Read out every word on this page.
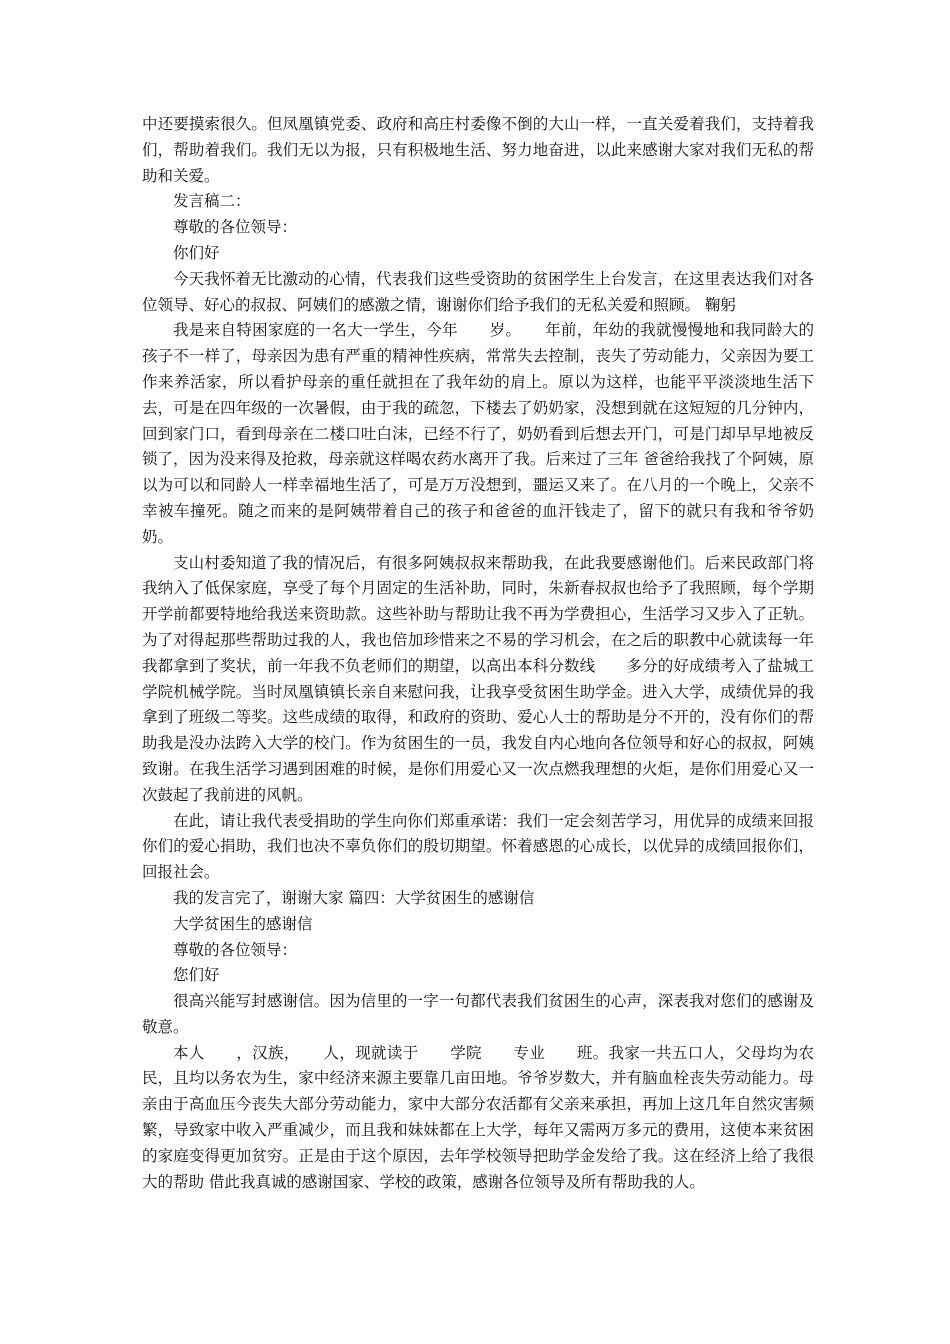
中还要摸索很久。但凤凰镇党委、政府和高庄村委像不倒的大山一样，一直关爱着我们，支持着我们，帮助着我们。我们无以为报，只有积极地生活、努力地奋进，以此来感谢大家对我们无私的帮助和关爱。

发言稿二：

尊敬的各位领导：

你们好

今天我怀着无比激动的心情，代表我们这些受资助的贫困学生上台发言，在这里表达我们对各位领导、好心的叔叔、阿姨们的感激之情，谢谢你们给予我们的无私关爱和照顾。 鞠躬

我是来自特困家庭的一名大一学生，今年　　岁。　　年前，年幼的我就慢慢地和我同龄大的孩子不一样了，母亲因为患有严重的精神性疾病，常常失去控制，丧失了劳动能力，父亲因为要工作来养活家，所以看护母亲的重任就担在了我年幼的肩上。原以为这样，也能平平淡淡地生活下去，可是在四年级的一次暑假，由于我的疏忽，下楼去了奶奶家，没想到就在这短短的几分钟内，回到家门口，看到母亲在二楼口吐白沫，已经不行了，奶奶看到后想去开门，可是门却早早地被反锁了，因为没来得及抢救，母亲就这样喝农药水离开了我。后来过了三年 爸爸给我找了个阿姨，原以为可以和同龄人一样幸福地生活了，可是万万没想到，噩运又来了。在八月的一个晚上，父亲不幸被车撞死。随之而来的是阿姨带着自己的孩子和爸爸的血汗钱走了，留下的就只有我和爷爷奶奶。

支山村委知道了我的情况后，有很多阿姨叔叔来帮助我，在此我要感谢他们。后来民政部门将我纳入了低保家庭，享受了每个月固定的生活补助，同时，朱新春叔叔也给予了我照顾，每个学期开学前都要特地给我送来资助款。这些补助与帮助让我不再为学费担心，生活学习又步入了正轨。为了对得起那些帮助过我的人，我也倍加珍惜来之不易的学习机会，在之后的职教中心就读每一年我都拿到了奖状，前一年我不负老师们的期望，以高出本科分数线　　多分的好成绩考入了盐城工学院机械学院。当时凤凰镇镇长亲自来慰问我，让我享受贫困生助学金。进入大学，成绩优异的我拿到了班级二等奖。这些成绩的取得，和政府的资助、爱心人士的帮助是分不开的，没有你们的帮助我是没办法跨入大学的校门。作为贫困生的一员，我发自内心地向各位领导和好心的叔叔，阿姨致谢。在我生活学习遇到困难的时候，是你们用爱心又一次点燃我理想的火炬，是你们用爱心又一次鼓起了我前进的风帆。

在此，请让我代表受捐助的学生向你们郑重承诺：我们一定会刻苦学习，用优异的成绩来回报你们的爱心捐助，我们也决不辜负你们的殷切期望。怀着感恩的心成长，以优异的成绩回报你们，回报社会。

我的发言完了，谢谢大家 篇四：大学贫困生的感谢信

大学贫困生的感谢信

尊敬的各位领导：

您们好

很高兴能写封感谢信。因为信里的一字一句都代表我们贫困生的心声，深表我对您们的感谢及敬意。

本人　　，汉族，　　人，现就读于　　学院　　专业　　班。我家一共五口人，父母均为农民，且均以务农为生，家中经济来源主要靠几亩田地。爷爷岁数大，并有脑血栓丧失劳动能力。母亲由于高血压今丧失大部分劳动能力，家中大部分农活都有父亲来承担，再加上这几年自然灾害频繁，导致家中收入严重减少，而且我和妹妹都在上大学，每年又需两万多元的费用，这使本来贫困的家庭变得更加贫穷。正是由于这个原因，去年学校领导把助学金发给了我。这在经济上给了我很大的帮助 借此我真诚的感谢国家、学校的政策，感谢各位领导及所有帮助我的人。
